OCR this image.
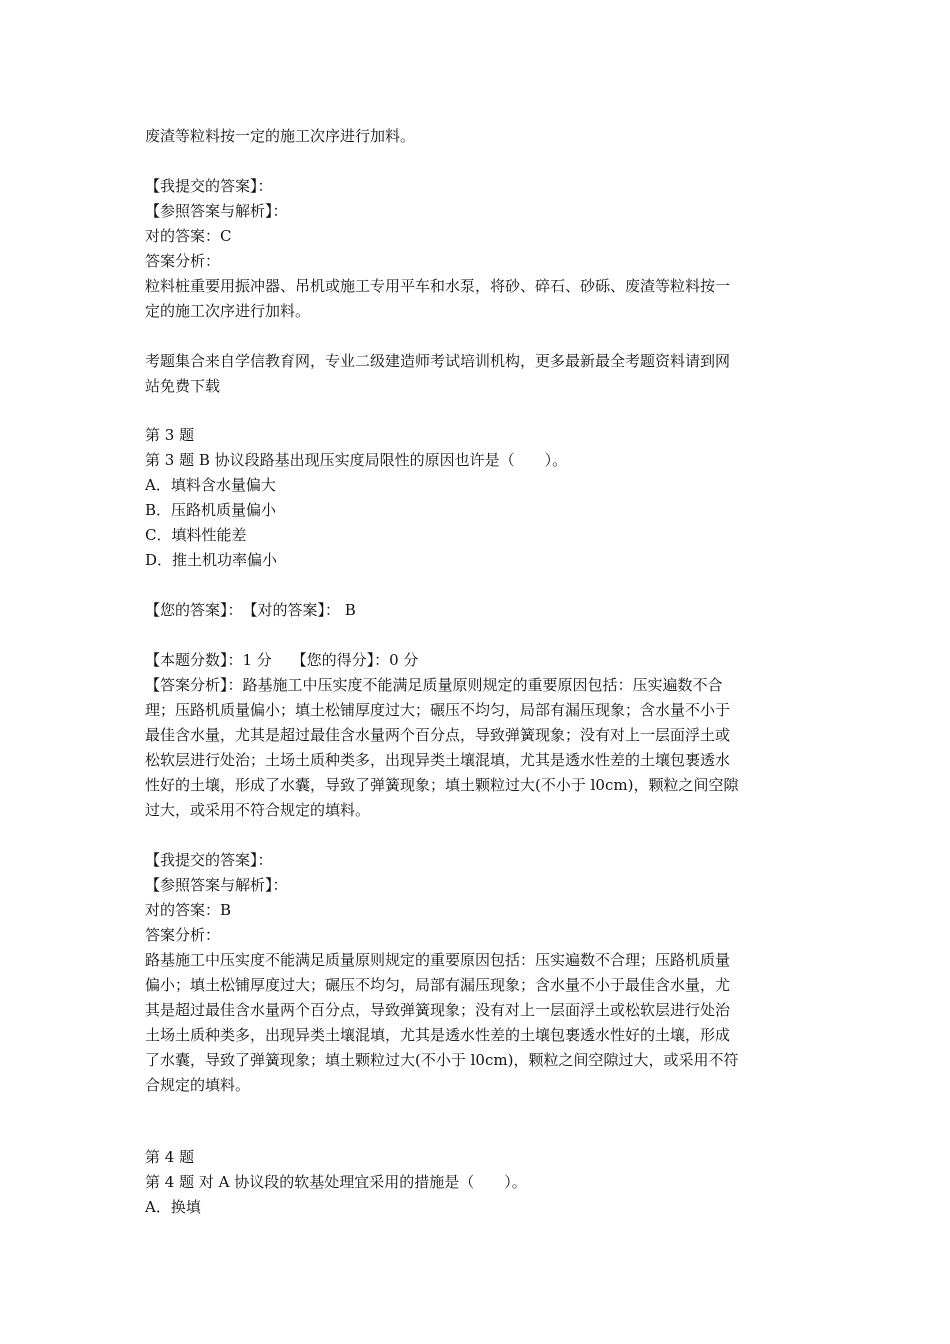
废渣等粒料按一定的施工次序进行加料。
【我提交的答案】：
【参照答案与解析】：
对的答案：C
答案分析：
粒料桩重要用振冲器、吊机或施工专用平车和水泵，将砂、碎石、砂砾、废渣等粒料按一
定的施工次序进行加料。
考题集合来自学信教育网，专业二级建造师考试培训机构，更多最新最全考题资料请到网
站免费下载
第 3 题
第 3 题 B 协议段路基出现压实度局限性的原因也许是（　　）。
A．填料含水量偏大
B．压路机质量偏小
C．填料性能差
D．推土机功率偏小
【您的答案】：　【对的答案】： B
【本题分数】：1 分　 【您的得分】：0 分
【答案分析】：路基施工中压实度不能满足质量原则规定的重要原因包括：压实遍数不合
理；压路机质量偏小；填土松铺厚度过大；碾压不均匀，局部有漏压现象；含水量不小于
最佳含水量，尤其是超过最佳含水量两个百分点，导致弹簧现象；没有对上一层面浮土或
松软层进行处治；土场土质种类多，出现异类土壤混填，尤其是透水性差的土壤包裹透水
性好的土壤，形成了水囊，导致了弹簧现象；填土颗粒过大(不小于 l0cm)，颗粒之间空隙
过大，或采用不符合规定的填料。
【我提交的答案】：
【参照答案与解析】：
对的答案：B
答案分析：
路基施工中压实度不能满足质量原则规定的重要原因包括：压实遍数不合理；压路机质量
偏小；填土松铺厚度过大；碾压不均匀，局部有漏压现象；含水量不小于最佳含水量，尤
其是超过最佳含水量两个百分点，导致弹簧现象；没有对上一层面浮土或松软层进行处治
土场土质种类多，出现异类土壤混填，尤其是透水性差的土壤包裹透水性好的土壤，形成
了水囊，导致了弹簧现象；填土颗粒过大(不小于 l0cm)，颗粒之间空隙过大，或采用不符
合规定的填料。
第 4 题
第 4 题 对 A 协议段的软基处理宜采用的措施是（　　）。
A．换填
